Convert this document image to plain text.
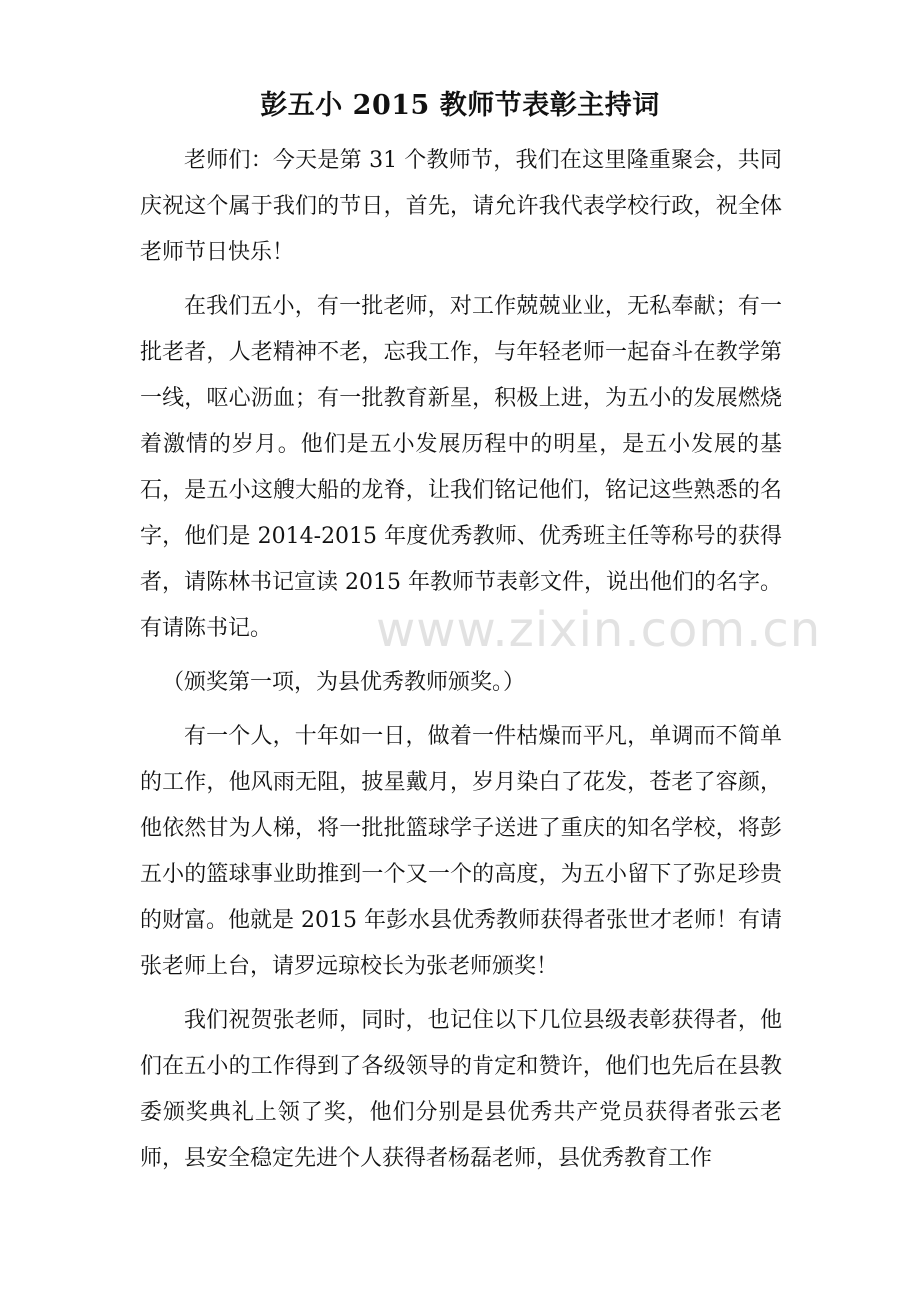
彭五小 2015 教师节表彰主持词

老师们：今天是第 31 个教师节，我们在这里隆重聚会，共同庆祝这个属于我们的节日，首先，请允许我代表学校行政，祝全体老师节日快乐！

在我们五小，有一批老师，对工作兢兢业业，无私奉献；有一批老者，人老精神不老，忘我工作，与年轻老师一起奋斗在教学第一线，呕心沥血；有一批教育新星，积极上进，为五小的发展燃烧着激情的岁月。他们是五小发展历程中的明星，是五小发展的基石，是五小这艘大船的龙脊，让我们铭记他们，铭记这些熟悉的名字，他们是 2014-2015 年度优秀教师、优秀班主任等称号的获得者，请陈林书记宣读 2015 年教师节表彰文件，说出他们的名字。有请陈书记。

（颁奖第一项，为县优秀教师颁奖。）

有一个人，十年如一日，做着一件枯燥而平凡，单调而不简单的工作，他风雨无阻，披星戴月，岁月染白了花发，苍老了容颜，他依然甘为人梯，将一批批篮球学子送进了重庆的知名学校，将彭五小的篮球事业助推到一个又一个的高度，为五小留下了弥足珍贵的财富。他就是 2015 年彭水县优秀教师获得者张世才老师！有请张老师上台，请罗远琼校长为张老师颁奖！

我们祝贺张老师，同时，也记住以下几位县级表彰获得者，他们在五小的工作得到了各级领导的肯定和赞许，他们也先后在县教委颁奖典礼上领了奖，他们分别是县优秀共产党员获得者张云老师，县安全稳定先进个人获得者杨磊老师，县优秀教育工作

www.zixin.com.cn
